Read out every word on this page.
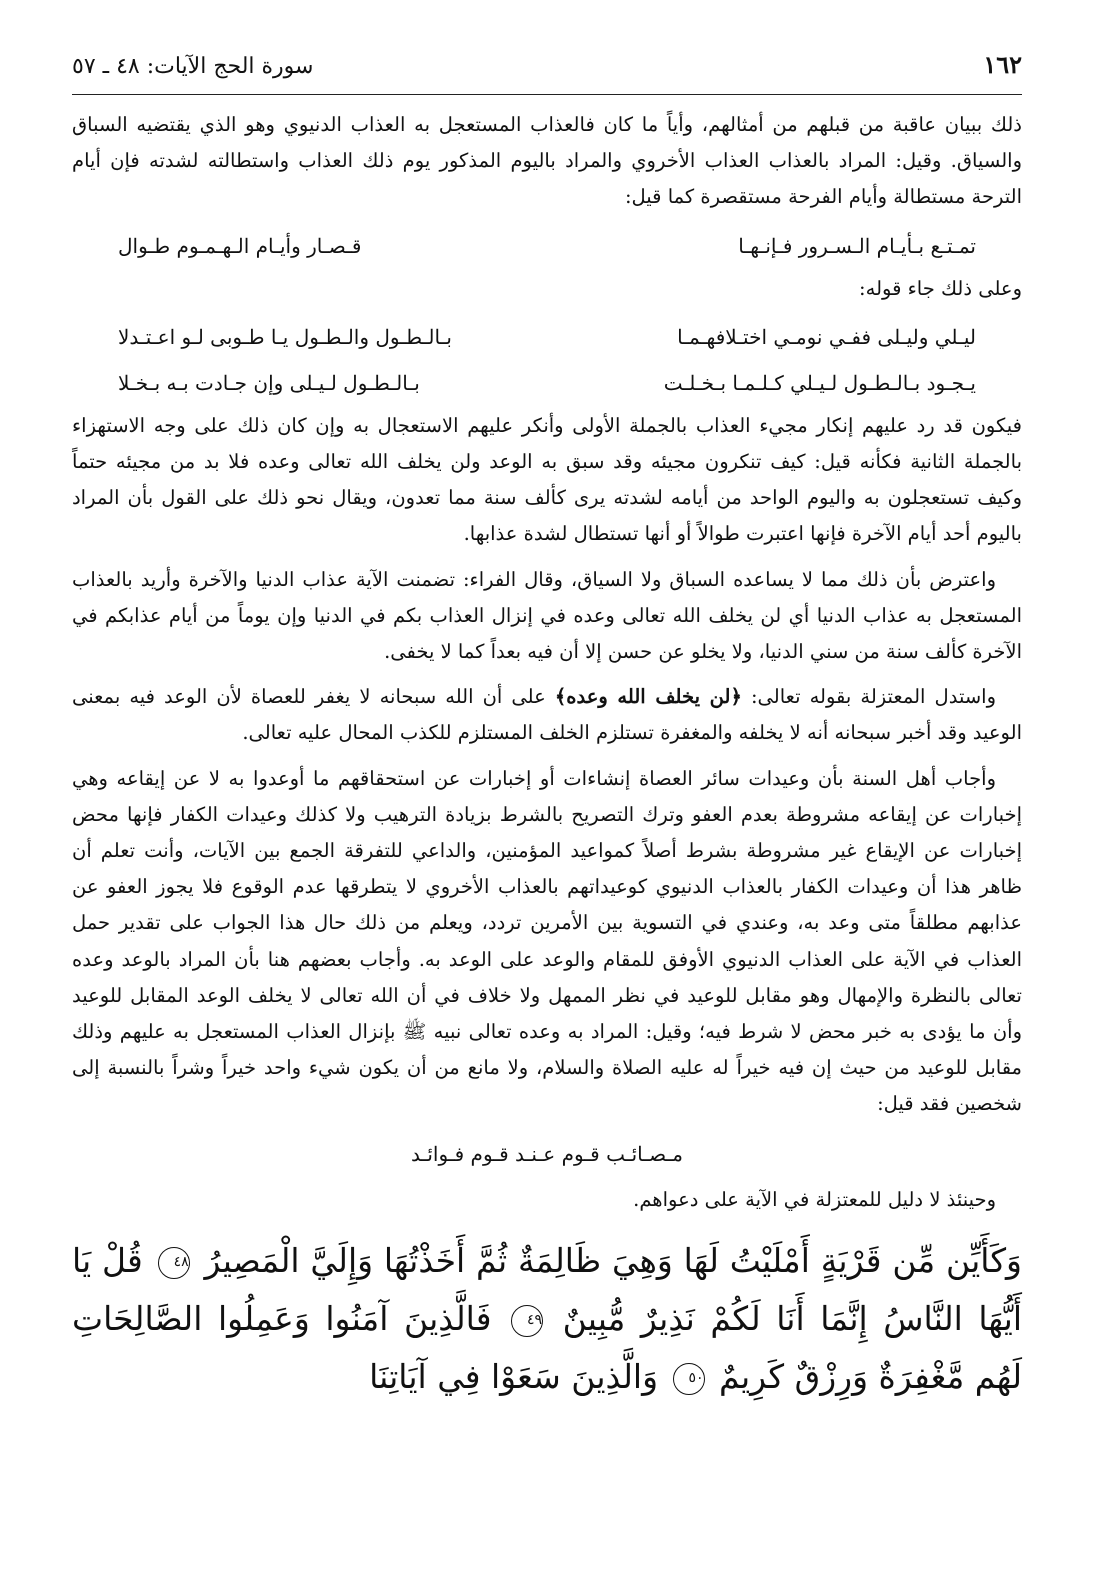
١٦٢
سورة الحج الآيات: ٤٨ ـ ٥٧

ذلك ببيان عاقبة من قبلهم من أمثالهم، وأياً ما كان فالعذاب المستعجل به العذاب الدنيوي وهو الذي يقتضيه السباق والسياق. وقيل: المراد بالعذاب العذاب الأخروي والمراد باليوم المذكور يوم ذلك العذاب واستطالته لشدته فإن أيام الترحة مستطالة وأيام الفرحة مستقصرة كما قيل:

تمـتـع بـأيـام الـسـرور فـإنـهـا
قـصـار وأيـام الـهـمـوم طـوال

وعلى ذلك جاء قوله:

ليـلي وليـلى ففـي نومـي اختـلافهـمـا
بـالـطـول والـطـول يـا طـوبى لـو اعـتـدلا
يـجـود بـالـطـول لـيـلي كـلـمـا بـخـلـت
بـالـطـول لـيـلى وإن جـادت بـه بـخـلا

فيكون قد رد عليهم إنكار مجيء العذاب بالجملة الأولى وأنكر عليهم الاستعجال به وإن كان ذلك على وجه الاستهزاء بالجملة الثانية فكأنه قيل: كيف تنكرون مجيئه وقد سبق به الوعد ولن يخلف الله تعالى وعده فلا بد من مجيئه حتماً وكيف تستعجلون به واليوم الواحد من أيامه لشدته يرى كألف سنة مما تعدون، ويقال نحو ذلك على القول بأن المراد باليوم أحد أيام الآخرة فإنها اعتبرت طوالاً أو أنها تستطال لشدة عذابها.

واعترض بأن ذلك مما لا يساعده السباق ولا السياق، وقال الفراء: تضمنت الآية عذاب الدنيا والآخرة وأريد بالعذاب المستعجل به عذاب الدنيا أي لن يخلف الله تعالى وعده في إنزال العذاب بكم في الدنيا وإن يوماً من أيام عذابكم في الآخرة كألف سنة من سني الدنيا، ولا يخلو عن حسن إلا أن فيه بعداً كما لا يخفى.

واستدل المعتزلة بقوله تعالى: ﴿لن يخلف الله وعده﴾ على أن الله سبحانه لا يغفر للعصاة لأن الوعد فيه بمعنى الوعيد وقد أخبر سبحانه أنه لا يخلفه والمغفرة تستلزم الخلف المستلزم للكذب المحال عليه تعالى.

وأجاب أهل السنة بأن وعيدات سائر العصاة إنشاءات أو إخبارات عن استحقاقهم ما أوعدوا به لا عن إيقاعه وهي إخبارات عن إيقاعه مشروطة بعدم العفو وترك التصريح بالشرط بزيادة الترهيب ولا كذلك وعيدات الكفار فإنها محض إخبارات عن الإيقاع غير مشروطة بشرط أصلاً كمواعيد المؤمنين، والداعي للتفرقة الجمع بين الآيات، وأنت تعلم أن ظاهر هذا أن وعيدات الكفار بالعذاب الدنيوي كوعيداتهم بالعذاب الأخروي لا يتطرقها عدم الوقوع فلا يجوز العفو عن عذابهم مطلقاً متى وعد به، وعندي في التسوية بين الأمرين تردد، ويعلم من ذلك حال هذا الجواب على تقدير حمل العذاب في الآية على العذاب الدنيوي الأوفق للمقام والوعد على الوعد به. وأجاب بعضهم هنا بأن المراد بالوعد وعده تعالى بالنظرة والإمهال وهو مقابل للوعيد في نظر الممهل ولا خلاف في أن الله تعالى لا يخلف الوعد المقابل للوعيد وأن ما يؤدى به خبر محض لا شرط فيه؛ وقيل: المراد به وعده تعالى نبيه ﷺ بإنزال العذاب المستعجل به عليهم وذلك مقابل للوعيد من حيث إن فيه خيراً له عليه الصلاة والسلام، ولا مانع من أن يكون شيء واحد خيراً وشراً بالنسبة إلى شخصين فقد قيل:

مـصـائـب قـوم عـنـد قـوم فـوائـد

وحينئذ لا دليل للمعتزلة في الآية على دعواهم.

وَكَأَيِّن مِّن قَرْيَةٍ أَمْلَيْتُ لَهَا وَهِيَ ظَالِمَةٌ ثُمَّ أَخَذْتُهَا وَإِلَيَّ الْمَصِيرُ ٤٨ قُلْ يَا أَيُّهَا النَّاسُ إِنَّمَا أَنَا لَكُمْ نَذِيرٌ مُّبِينٌ ٤٩ فَالَّذِينَ آمَنُوا وَعَمِلُوا الصَّالِحَاتِ لَهُم مَّغْفِرَةٌ وَرِزْقٌ كَرِيمٌ ٥٠ وَالَّذِينَ سَعَوْا فِي آيَاتِنَا
